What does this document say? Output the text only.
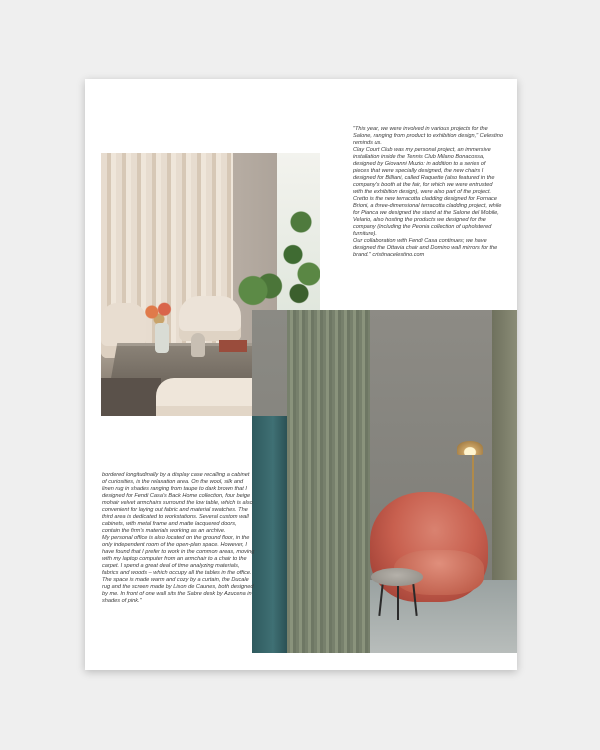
"This year, we were involved in various projects for the Salone, ranging from product to exhibition design," Celestino reminds us.

Clay Court Club was my personal project, an immersive installation inside the Tennis Club Milano Bonacossa, designed by Giovanni Muzio: in addition to a series of pieces that were specially designed, the new chairs I designed for Billiani, called Raquette (also featured in the company's booth at the fair, for which we were entrusted with the exhibition design), were also part of the project.

Cretto is the new terracotta cladding designed for Fornace Brioni, a three-dimensional terracotta cladding project, while for Pianca we designed the stand at the Salone del Mobile, Velario, also hosting the products we designed for the company (including the Peonia collection of upholstered furniture).

Our collaboration with Fendi Casa continues; we have designed the Ottavia chair and Domino wall mirrors for the brand." cristinacelestino.com

bordered longitudinally by a display case recalling a cabinet of curiosities, is the relaxation area. On the wool, silk and linen rug in shades ranging from taupe to dark brown that I designed for Fendi Casa's Back Home collection, four beige mohair velvet armchairs surround the low table, which is also convenient for laying out fabric and material swatches. The third area is dedicated to workstations. Several custom wall cabinets, with metal frame and matte lacquered doors, contain the firm's materials working as an archive.

My personal office is also located on the ground floor, in the only independent room of the open-plan space. However, I have found that I prefer to work in the common areas, moving with my laptop computer from an armchair to a chair to the carpet. I spend a great deal of time analyzing materials, fabrics and woods – which occupy all the tables in the office.

The space is made warm and cozy by a curtain, the Ducale rug and the screen made by Lison de Caunes, both designed by me. In front of one wall sits the Sabre desk by Azucena in shades of pink."
